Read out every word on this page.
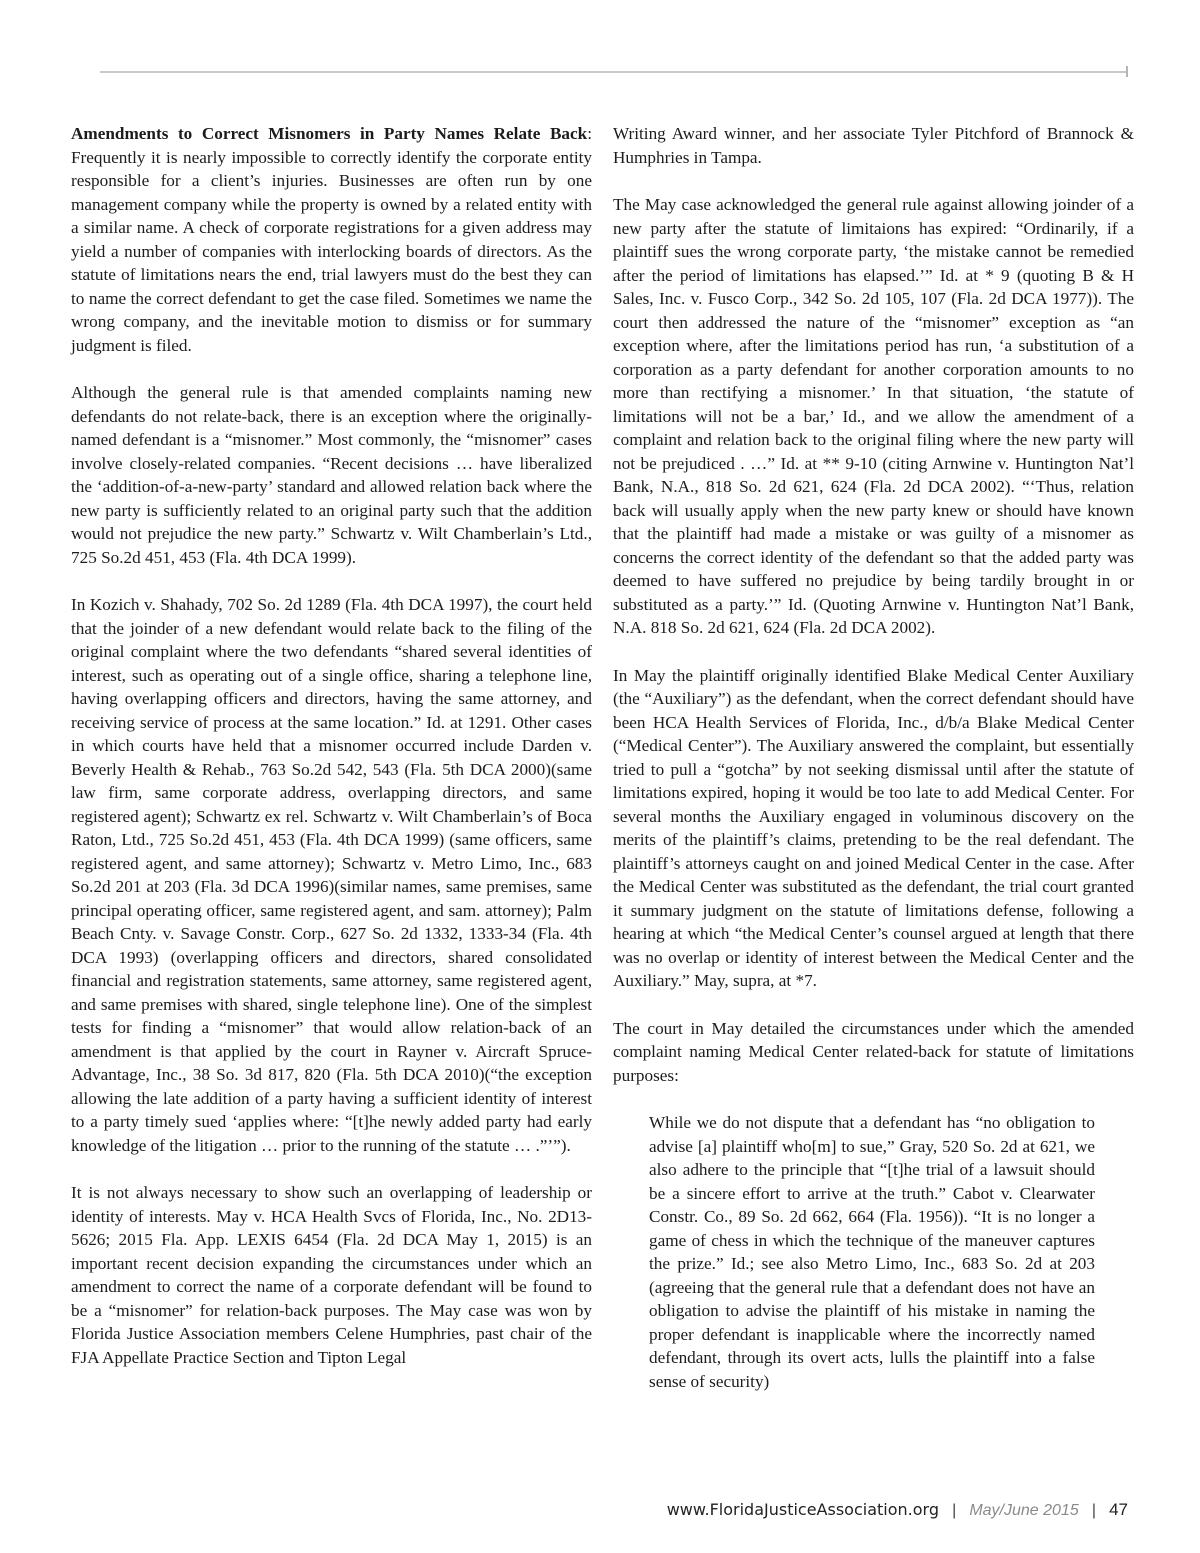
Amendments to Correct Misnomers in Party Names Relate Back: Frequently it is nearly impossible to correctly identify the corporate entity responsible for a client’s injuries. Businesses are often run by one management company while the property is owned by a related entity with a similar name. A check of corporate registrations for a given address may yield a number of companies with interlocking boards of directors. As the statute of limitations nears the end, trial lawyers must do the best they can to name the correct defendant to get the case filed. Sometimes we name the wrong company, and the inevitable motion to dismiss or for summary judgment is filed.

Although the general rule is that amended complaints naming new defendants do not relate-back, there is an exception where the originally-named defendant is a “misnomer.” Most commonly, the “misnomer” cases involve closely-related companies. “Recent decisions … have liberalized the ‘addition-of-a-new-party’ standard and allowed relation back where the new party is sufficiently related to an original party such that the addition would not prejudice the new party.” Schwartz v. Wilt Chamberlain’s Ltd., 725 So.2d 451, 453 (Fla. 4th DCA 1999).

In Kozich v. Shahady, 702 So. 2d 1289 (Fla. 4th DCA 1997), the court held that the joinder of a new defendant would relate back to the filing of the original complaint where the two defendants “shared several identities of interest, such as operating out of a single office, sharing a telephone line, having overlapping officers and directors, having the same attorney, and receiving service of process at the same location.” Id. at 1291. Other cases in which courts have held that a misnomer occurred include Darden v. Beverly Health & Rehab., 763 So.2d 542, 543 (Fla. 5th DCA 2000)(same law firm, same corporate address, overlapping directors, and same registered agent); Schwartz ex rel. Schwartz v. Wilt Chamberlain’s of Boca Raton, Ltd., 725 So.2d 451, 453 (Fla. 4th DCA 1999) (same officers, same registered agent, and same attorney); Schwartz v. Metro Limo, Inc., 683 So.2d 201 at 203 (Fla. 3d DCA 1996)(similar names, same premises, same principal operating officer, same registered agent, and sam. attorney); Palm Beach Cnty. v. Savage Constr. Corp., 627 So. 2d 1332, 1333-34 (Fla. 4th DCA 1993) (overlapping officers and directors, shared consolidated financial and registration statements, same attorney, same registered agent, and same premises with shared, single telephone line). One of the simplest tests for finding a “misnomer” that would allow relation-back of an amendment is that applied by the court in Rayner v. Aircraft Spruce-Advantage, Inc., 38 So. 3d 817, 820 (Fla. 5th DCA 2010)(“the exception allowing the late addition of a party having a sufficient identity of interest to a party timely sued ‘applies where: “[t]he newly added party had early knowledge of the litigation … prior to the running of the statute … .”’”).

It is not always necessary to show such an overlapping of leadership or identity of interests. May v. HCA Health Svcs of Florida, Inc., No. 2D13-5626; 2015 Fla. App. LEXIS 6454 (Fla. 2d DCA May 1, 2015) is an important recent decision expanding the circumstances under which an amendment to correct the name of a corporate defendant will be found to be a “misnomer” for relation-back purposes. The May case was won by Florida Justice Association members Celene Humphries, past chair of the FJA Appellate Practice Section and Tipton Legal

Writing Award winner, and her associate Tyler Pitchford of Brannock & Humphries in Tampa.

The May case acknowledged the general rule against allowing joinder of a new party after the statute of limitaions has expired: “Ordinarily, if a plaintiff sues the wrong corporate party, ‘the mistake cannot be remedied after the period of limitations has elapsed.’” Id. at * 9 (quoting B & H Sales, Inc. v. Fusco Corp., 342 So. 2d 105, 107 (Fla. 2d DCA 1977)). The court then addressed the nature of the “misnomer” exception as “an exception where, after the limitations period has run, ‘a substitution of a corporation as a party defendant for another corporation amounts to no more than rectifying a misnomer.’ In that situation, ‘the statute of limitations will not be a bar,’ Id., and we allow the amendment of a complaint and relation back to the original filing where the new party will not be prejudiced . …” Id. at ** 9-10 (citing Arnwine v. Huntington Nat’l Bank, N.A., 818 So. 2d 621, 624 (Fla. 2d DCA 2002). “‘Thus, relation back will usually apply when the new party knew or should have known that the plaintiff had made a mistake or was guilty of a misnomer as concerns the correct identity of the defendant so that the added party was deemed to have suffered no prejudice by being tardily brought in or substituted as a party.’” Id. (Quoting Arnwine v. Huntington Nat’l Bank, N.A. 818 So. 2d 621, 624 (Fla. 2d DCA 2002).

In May the plaintiff originally identified Blake Medical Center Auxiliary (the “Auxiliary”) as the defendant, when the correct defendant should have been HCA Health Services of Florida, Inc., d/b/a Blake Medical Center (“Medical Center”). The Auxiliary answered the complaint, but essentially tried to pull a “gotcha” by not seeking dismissal until after the statute of limitations expired, hoping it would be too late to add Medical Center. For several months the Auxiliary engaged in voluminous discovery on the merits of the plaintiff’s claims, pretending to be the real defendant. The plaintiff’s attorneys caught on and joined Medical Center in the case. After the Medical Center was substituted as the defendant, the trial court granted it summary judgment on the statute of limitations defense, following a hearing at which “the Medical Center’s counsel argued at length that there was no overlap or identity of interest between the Medical Center and the Auxiliary.” May, supra, at *7.

The court in May detailed the circumstances under which the amended complaint naming Medical Center related-back for statute of limitations purposes:

While we do not dispute that a defendant has “no obligation to advise [a] plaintiff who[m] to sue,” Gray, 520 So. 2d at 621, we also adhere to the principle that “[t]he trial of a lawsuit should be a sincere effort to arrive at the truth.” Cabot v. Clearwater Constr. Co., 89 So. 2d 662, 664 (Fla. 1956)). “It is no longer a game of chess in which the technique of the maneuver captures the prize.” Id.; see also Metro Limo, Inc., 683 So. 2d at 203 (agreeing that the general rule that a defendant does not have an obligation to advise the plaintiff of his mistake in naming the proper defendant is inapplicable where the incorrectly named defendant, through its overt acts, lulls the plaintiff into a false sense of security)
www.FloridaJusticeAssociation.org | May/June 2015 | 47
